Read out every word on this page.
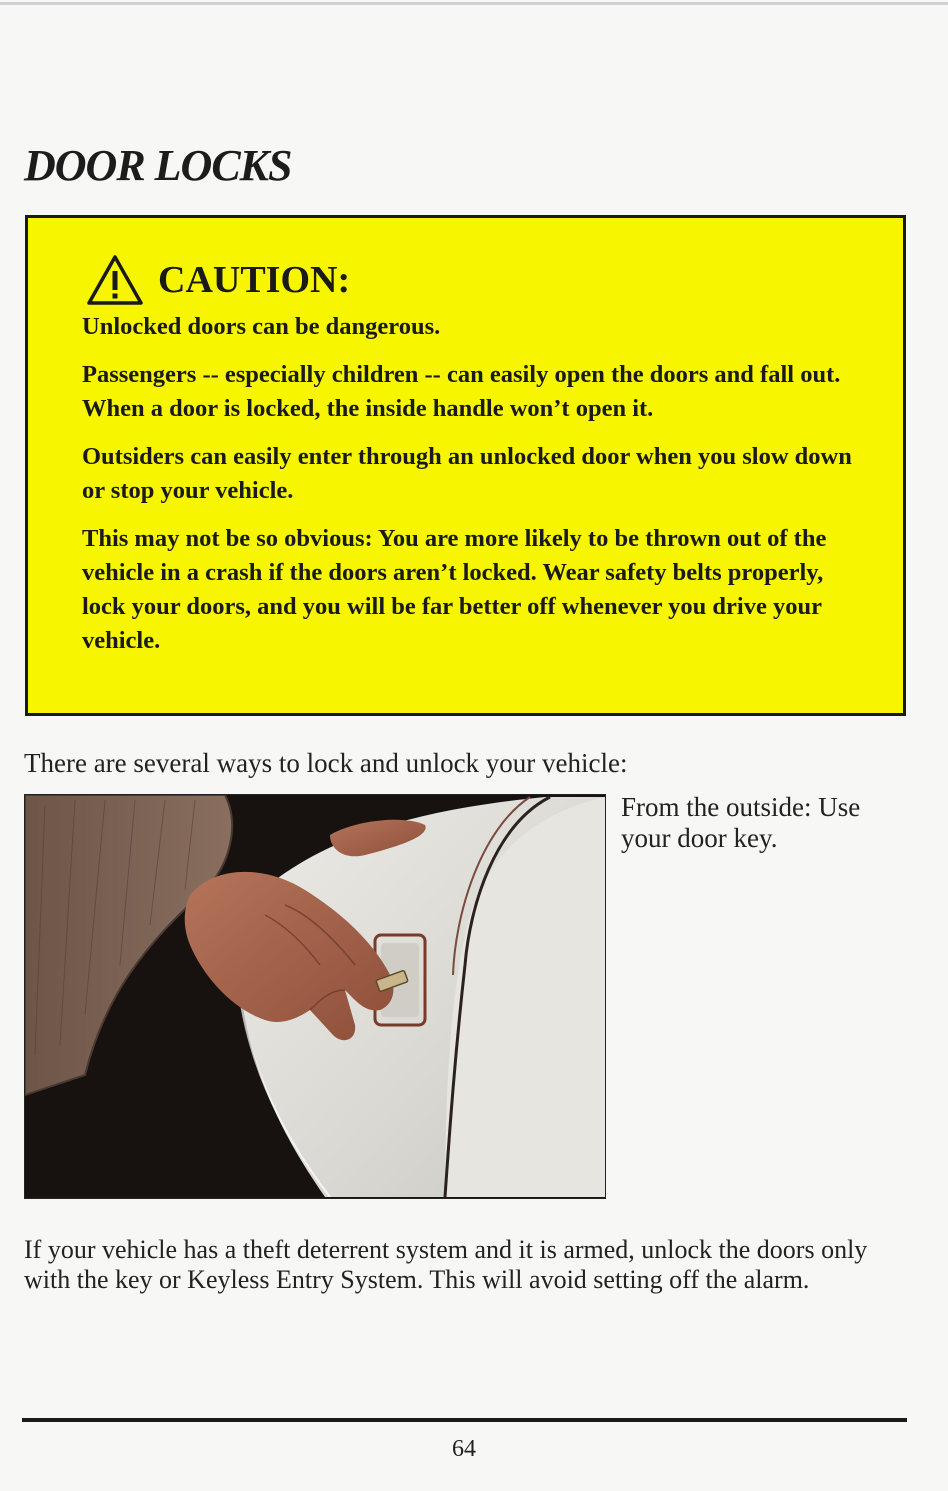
DOOR LOCKS
CAUTION:

Unlocked doors can be dangerous.

Passengers -- especially children -- can easily open the doors and fall out. When a door is locked, the inside handle won’t open it.

Outsiders can easily enter through an unlocked door when you slow down or stop your vehicle.

This may not be so obvious: You are more likely to be thrown out of the vehicle in a crash if the doors aren’t locked. Wear safety belts properly, lock your doors, and you will be far better off whenever you drive your vehicle.

There are several ways to lock and unlock your vehicle:

From the outside: Use your door key.

If your vehicle has a theft deterrent system and it is armed, unlock the doors only with the key or Keyless Entry System. This will avoid setting off the alarm.

64
